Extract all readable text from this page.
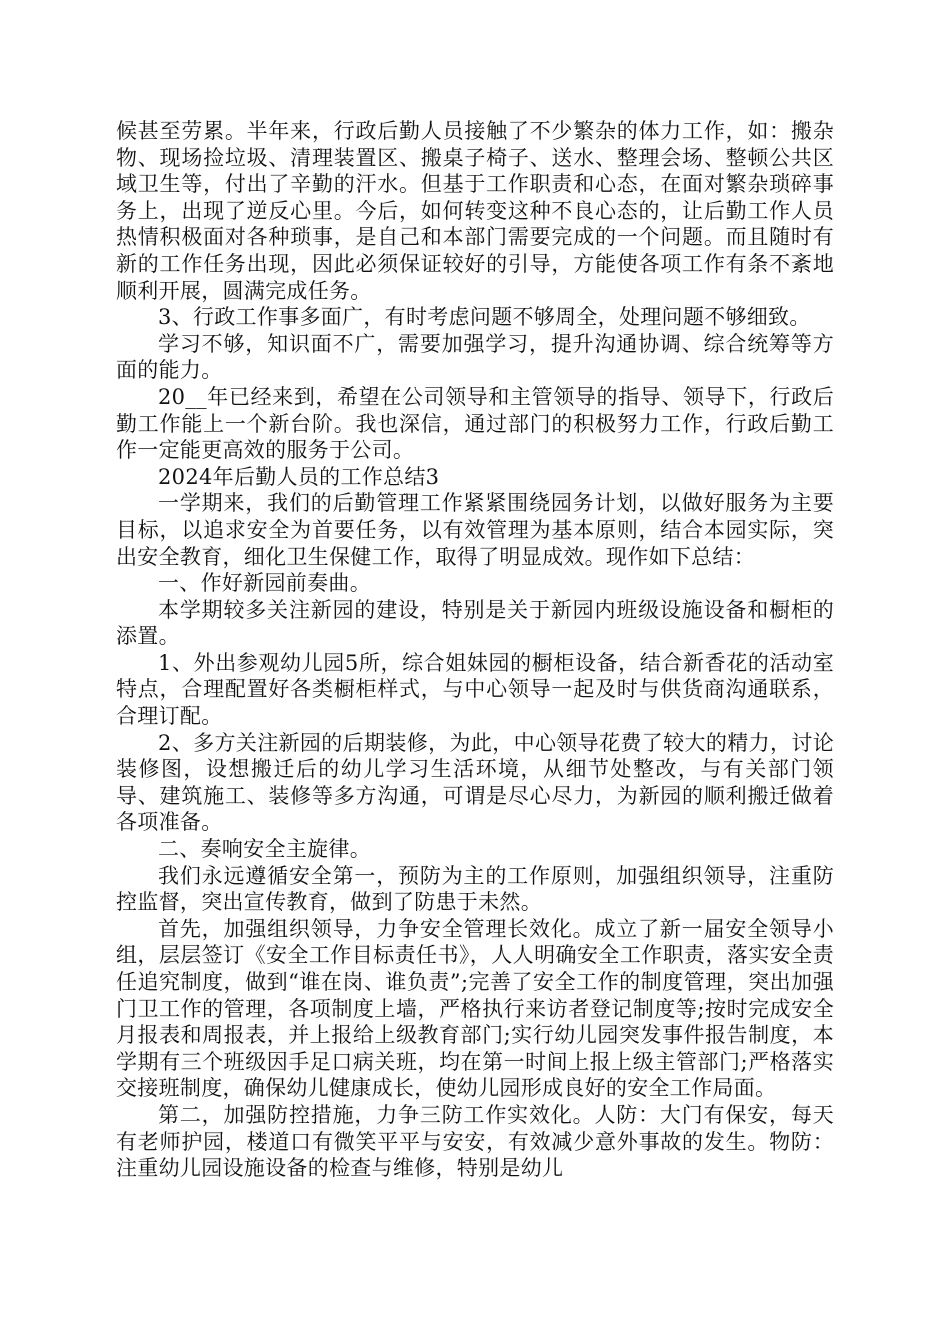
候甚至劳累。半年来，行政后勤人员接触了不少繁杂的体力工作，如：搬杂物、现场捡垃圾、清理装置区、搬桌子椅子、送水、整理会场、整顿公共区域卫生等，付出了辛勤的汗水。但基于工作职责和心态，在面对繁杂琐碎事务上，出现了逆反心里。今后，如何转变这种不良心态的，让后勤工作人员热情积极面对各种琐事，是自己和本部门需要完成的一个问题。而且随时有新的工作任务出现，因此必须保证较好的引导，方能使各项工作有条不紊地顺利开展，圆满完成任务。

3、行政工作事多面广，有时考虑问题不够周全，处理问题不够细致。

学习不够，知识面不广，需要加强学习，提升沟通协调、综合统筹等方面的能力。

20__年已经来到，希望在公司领导和主管领导的指导、领导下，行政后勤工作能上一个新台阶。我也深信，通过部门的积极努力工作，行政后勤工作一定能更高效的服务于公司。

2024年后勤人员的工作总结3

一学期来，我们的后勤管理工作紧紧围绕园务计划，以做好服务为主要目标，以追求安全为首要任务，以有效管理为基本原则，结合本园实际，突出安全教育，细化卫生保健工作，取得了明显成效。现作如下总结：

一、作好新园前奏曲。

本学期较多关注新园的建设，特别是关于新园内班级设施设备和橱柜的添置。

1、外出参观幼儿园5所，综合姐妹园的橱柜设备，结合新香花的活动室特点，合理配置好各类橱柜样式，与中心领导一起及时与供货商沟通联系，合理订配。

2、多方关注新园的后期装修，为此，中心领导花费了较大的精力，讨论装修图，设想搬迁后的幼儿学习生活环境，从细节处整改，与有关部门领导、建筑施工、装修等多方沟通，可谓是尽心尽力，为新园的顺利搬迁做着各项准备。

二、奏响安全主旋律。

我们永远遵循安全第一，预防为主的工作原则，加强组织领导，注重防控监督，突出宣传教育，做到了防患于未然。

首先，加强组织领导，力争安全管理长效化。成立了新一届安全领导小组，层层签订《安全工作目标责任书》，人人明确安全工作职责，落实安全责任追究制度，做到“谁在岗、谁负责”;完善了安全工作的制度管理，突出加强门卫工作的管理，各项制度上墙，严格执行来访者登记制度等;按时完成安全月报表和周报表，并上报给上级教育部门;实行幼儿园突发事件报告制度，本学期有三个班级因手足口病关班，均在第一时间上报上级主管部门;严格落实交接班制度，确保幼儿健康成长，使幼儿园形成良好的安全工作局面。

第二，加强防控措施，力争三防工作实效化。人防：大门有保安，每天有老师护园，楼道口有微笑平平与安安，有效减少意外事故的发生。物防：注重幼儿园设施设备的检查与维修，特别是幼儿
